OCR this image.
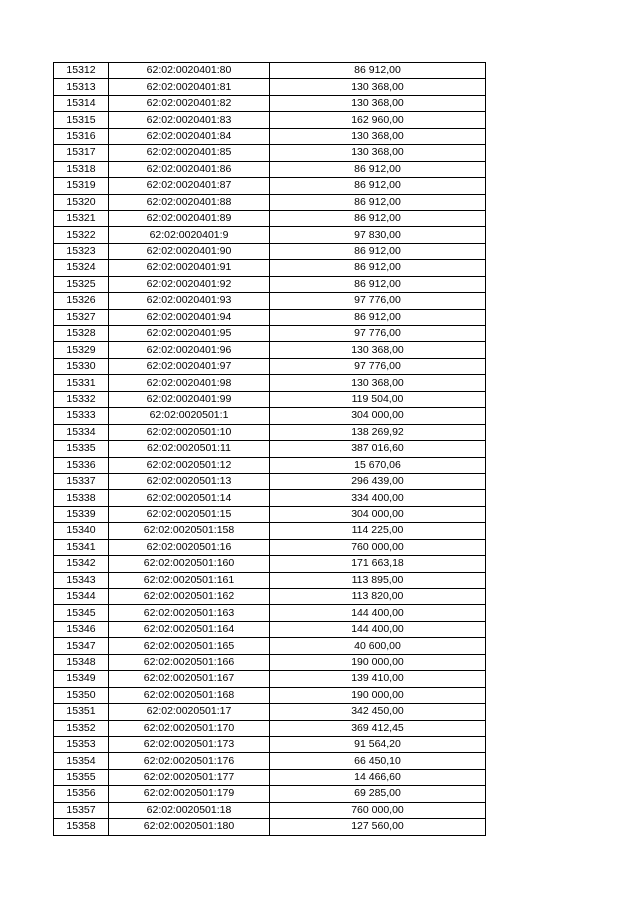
15312	62:02:0020401:80	86 912,00
15313	62:02:0020401:81	130 368,00
15314	62:02:0020401:82	130 368,00
15315	62:02:0020401:83	162 960,00
15316	62:02:0020401:84	130 368,00
15317	62:02:0020401:85	130 368,00
15318	62:02:0020401:86	86 912,00
15319	62:02:0020401:87	86 912,00
15320	62:02:0020401:88	86 912,00
15321	62:02:0020401:89	86 912,00
15322	62:02:0020401:9	97 830,00
15323	62:02:0020401:90	86 912,00
15324	62:02:0020401:91	86 912,00
15325	62:02:0020401:92	86 912,00
15326	62:02:0020401:93	97 776,00
15327	62:02:0020401:94	86 912,00
15328	62:02:0020401:95	97 776,00
15329	62:02:0020401:96	130 368,00
15330	62:02:0020401:97	97 776,00
15331	62:02:0020401:98	130 368,00
15332	62:02:0020401:99	119 504,00
15333	62:02:0020501:1	304 000,00
15334	62:02:0020501:10	138 269,92
15335	62:02:0020501:11	387 016,60
15336	62:02:0020501:12	15 670,06
15337	62:02:0020501:13	296 439,00
15338	62:02:0020501:14	334 400,00
15339	62:02:0020501:15	304 000,00
15340	62:02:0020501:158	114 225,00
15341	62:02:0020501:16	760 000,00
15342	62:02:0020501:160	171 663,18
15343	62:02:0020501:161	113 895,00
15344	62:02:0020501:162	113 820,00
15345	62:02:0020501:163	144 400,00
15346	62:02:0020501:164	144 400,00
15347	62:02:0020501:165	40 600,00
15348	62:02:0020501:166	190 000,00
15349	62:02:0020501:167	139 410,00
15350	62:02:0020501:168	190 000,00
15351	62:02:0020501:17	342 450,00
15352	62:02:0020501:170	369 412,45
15353	62:02:0020501:173	91 564,20
15354	62:02:0020501:176	66 450,10
15355	62:02:0020501:177	14 466,60
15356	62:02:0020501:179	69 285,00
15357	62:02:0020501:18	760 000,00
15358	62:02:0020501:180	127 560,00
